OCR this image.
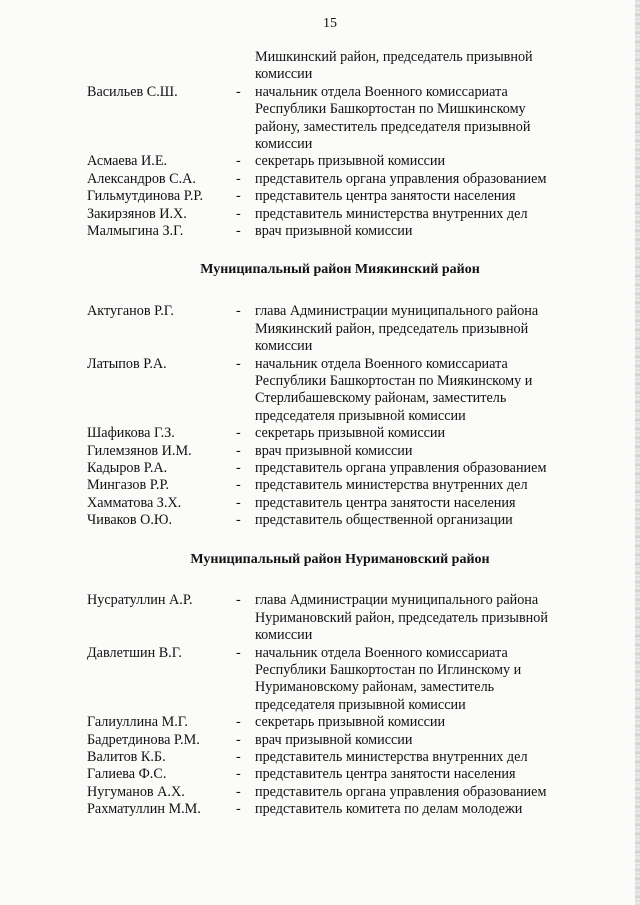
15
Мишкинский район, председатель призывной
комиссии
Васильев С.Ш.	- начальник отдела Военного комиссариата
Республики Башкортостан по Мишкинскому
району, заместитель председателя призывной
комиссии
Асмаева И.Е.	- секретарь призывной комиссии
Александров С.А.	- представитель органа управления образованием
Гильмутдинова Р.Р. - представитель центра занятости населения
Закирзянов И.Х.	- представитель министерства внутренних дел
Малмыгина З.Г.	- врач призывной комиссии
Муниципальный район Миякинский район
Актуганов Р.Г.	- глава Администрации муниципального района
Миякинский район, председатель призывной
комиссии
Латыпов Р.А.	- начальник отдела Военного комиссариата
Республики Башкортостан по Миякинскому и
Стерлибашевскому районам, заместитель
председателя призывной комиссии
Шафикова Г.З.	- секретарь призывной комиссии
Гилемзянов И.М.	- врач призывной комиссии
Кадыров Р.А.	- представитель органа управления образованием
Мингазов Р.Р.	- представитель министерства внутренних дел
Хамматова З.Х.	- представитель центра занятости населения
Чиваков О.Ю.	- представитель общественной организации
Муниципальный район Нуримановский район
Нусратуллин А.Р.	- глава Администрации муниципального района
Нуримановский район, председатель призывной
комиссии
Давлетшин В.Г.	- начальник отдела Военного комиссариата
Республики Башкортостан по Иглинскому и
Нуримановскому районам, заместитель
председателя призывной комиссии
Галиуллина М.Г.	- секретарь призывной комиссии
Бадретдинова Р.М.	- врач призывной комиссии
Валитов К.Б.	- представитель министерства внутренних дел
Галиева Ф.С.	- представитель центра занятости населения
Нугуманов А.Х.	- представитель органа управления образованием
Рахматуллин М.М. - представитель комитета по делам молодежи
